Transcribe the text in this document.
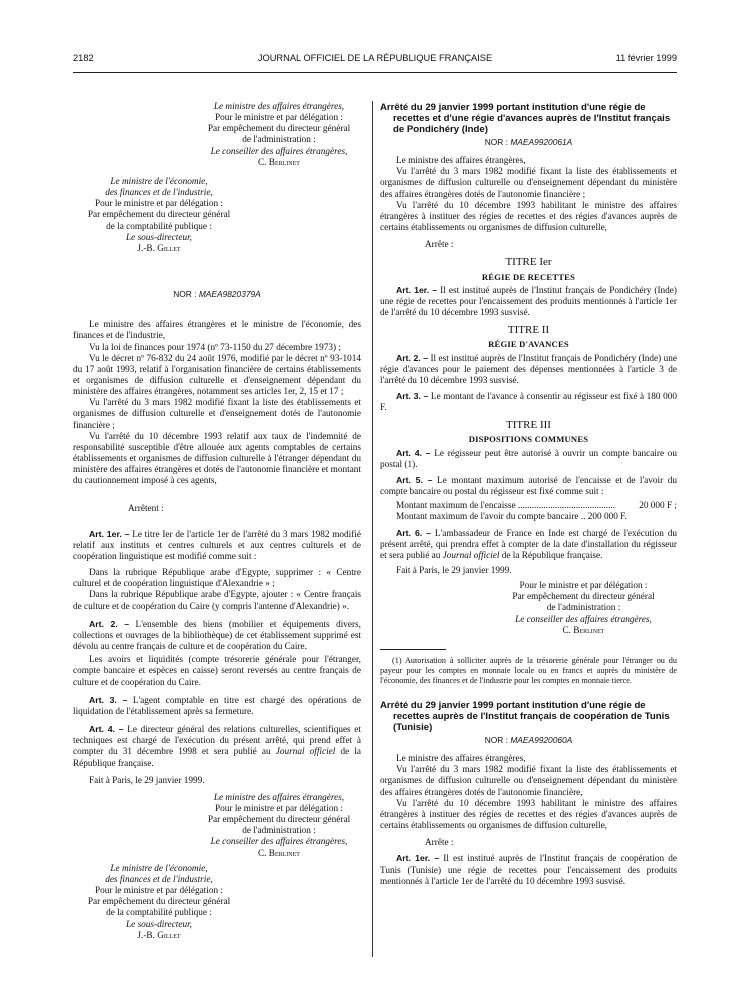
2182	JOURNAL OFFICIEL DE LA RÉPUBLIQUE FRANÇAISE	11 février 1999
Le ministre des affaires étrangères,
Pour le ministre et par délégation :
Par empêchement du directeur général
de l'administration :
Le conseiller des affaires étrangères,
C. Berlinet
Le ministre de l'économie,
des finances et de l'industrie,
Pour le ministre et par délégation :
Par empêchement du directeur général
de la comptabilité publique :
Le sous-directeur,
J.-B. Gillet
NOR : MAEA9820379A

Le ministre des affaires étrangères et le ministre de l'économie, des finances et de l'industrie,

Vu la loi de finances pour 1974 (nº 73-1150 du 27 décembre 1973) ;

Vu le décret nº 76-832 du 24 août 1976, modifié par le décret nº 93-1014 du 17 août 1993, relatif à l'organisation financière de certains établissements et organismes de diffusion culturelle et d'enseignement dépendant du ministère des affaires étrangères, notamment ses articles 1er, 2, 15 et 17 ;

Vu l'arrêté du 3 mars 1982 modifié fixant la liste des établissements et organismes de diffusion culturelle et d'enseignement dotés de l'autonomie financière ;

Vu l'arrêté du 10 décembre 1993 relatif aux taux de l'indemnité de responsabilité susceptible d'être allouée aux agents comptables de certains établissements et organismes de diffusion culturelle à l'étranger dépendant du ministère des affaires étrangères et dotés de l'autonomie financière et montant du cautionnement imposé à ces agents,

Arrêtent :

Art. 1er. – Le titre Ier de l'article 1er de l'arrêté du 3 mars 1982 modifié relatif aux instituts et centres culturels et aux centres culturels et de coopération linguistique est modifié comme suit :

Dans la rubrique République arabe d'Egypte, supprimer : « Centre culturel et de coopération linguistique d'Alexandrie » ;

Dans la rubrique République arabe d'Egypte, ajouter : « Centre français de culture et de coopération du Caire (y compris l'antenne d'Alexandrie) ».

Art. 2. – L'ensemble des biens (mobilier et équipements divers, collections et ouvrages de la bibliothèque) de cet établissement supprimé est dévolu au centre français de culture et de coopération du Caire.

Les avoirs et liquidités (compte trésorerie générale pour l'étranger, compte bancaire et espèces en caisse) seront reversés au centre français de culture et de coopération du Caire.

Art. 3. – L'agent comptable en titre est chargé des opérations de liquidation de l'établissement après sa fermeture.

Art. 4. – Le directeur général des relations culturelles, scientifiques et techniques est chargé de l'exécution du présent arrêté, qui prend effet à compter du 31 décembre 1998 et sera publié au Journal officiel de la République française.

Fait à Paris, le 29 janvier 1999.

Le ministre des affaires étrangères,
Pour le ministre et par délégation :
Par empêchement du directeur général
de l'administration :
Le conseiller des affaires étrangères,
C. Berlinet
Le ministre de l'économie,
des finances et de l'industrie,
Pour le ministre et par délégation :
Par empêchement du directeur général
de la comptabilité publique :
Le sous-directeur,
J.-B. Gillet
Arrêté du 29 janvier 1999 portant institution d'une régie de recettes et d'une régie d'avances auprès de l'Institut français de Pondichéry (Inde)
NOR : MAEA9920061A

Le ministre des affaires étrangères,

Vu l'arrêté du 3 mars 1982 modifié fixant la liste des établissements et organismes de diffusion culturelle ou d'enseignement dépendant du ministère des affaires étrangères dotés de l'autonomie financière ;

Vu l'arrêté du 10 décembre 1993 habilitant le ministre des affaires étrangères à instituer des régies de recettes et des régies d'avances auprès de certains établissements ou organismes de diffusion culturelle,

Arrête :

TITRE Ier
RÉGIE DE RECETTES

Art. 1er. – Il est institué auprès de l'Institut français de Pondichéry (Inde) une régie de recettes pour l'encaissement des produits mentionnés à l'article 1er de l'arrêté du 10 décembre 1993 susvisé.

TITRE II
RÉGIE D'AVANCES

Art. 2. – Il est institué auprès de l'Institut français de Pondichéry (Inde) une régie d'avances pour le paiement des dépenses mentionnées à l'article 3 de l'arrêté du 10 décembre 1993 susvisé.

Art. 3. – Le montant de l'avance à consentir au régisseur est fixé à 180 000 F.

TITRE III
DISPOSITIONS COMMUNES

Art. 4. – Le régisseur peut être autorisé à ouvrir un compte bancaire ou postal (1).

Art. 5. – Le montant maximum autorisé de l'encaisse et de l'avoir du compte bancaire ou postal du régisseur est fixé comme suit :

Montant maximum de l'encaisse ..........................................	20 000 F ;
Montant maximum de l'avoir du compte bancaire .. 200 000 F.

Art. 6. – L'ambassadeur de France en Inde est chargé de l'exécution du présent arrêté, qui prendra effet à compter de la date d'installation du régisseur et sera publié au Journal officiel de la République française.

Fait à Paris, le 29 janvier 1999.

Pour le ministre et par délégation :
Par empêchement du directeur général
de l'administration :
Le conseiller des affaires étrangères,
C. Berlinet

(1) Autorisation à solliciter auprès de la trésorerie générale pour l'étranger ou du payeur pour les comptes en monnaie locale ou en francs et auprès du ministère de l'économie, des finances et de l'industrie pour les comptes en monnaie tierce.

Arrêté du 29 janvier 1999 portant institution d'une régie de recettes auprès de l'Institut français de coopération de Tunis (Tunisie)
NOR : MAEA9920060A

Le ministre des affaires étrangères,

Vu l'arrêté du 3 mars 1982 modifié fixant la liste des établissements et organismes de diffusion culturelle ou d'enseignement dépendant du ministère des affaires étrangères dotés de l'autonomie financière,

Vu l'arrêté du 10 décembre 1993 habilitant le ministre des affaires étrangères à instituer des régies de recettes et des régies d'avances auprès de certains établissements ou organismes de diffusion culturelle,

Arrête :

Art. 1er. – Il est institué auprès de l'Institut français de coopération de Tunis (Tunisie) une régie de recettes pour l'encaissement des produits mentionnés à l'article 1er de l'arrêté du 10 décembre 1993 susvisé.
